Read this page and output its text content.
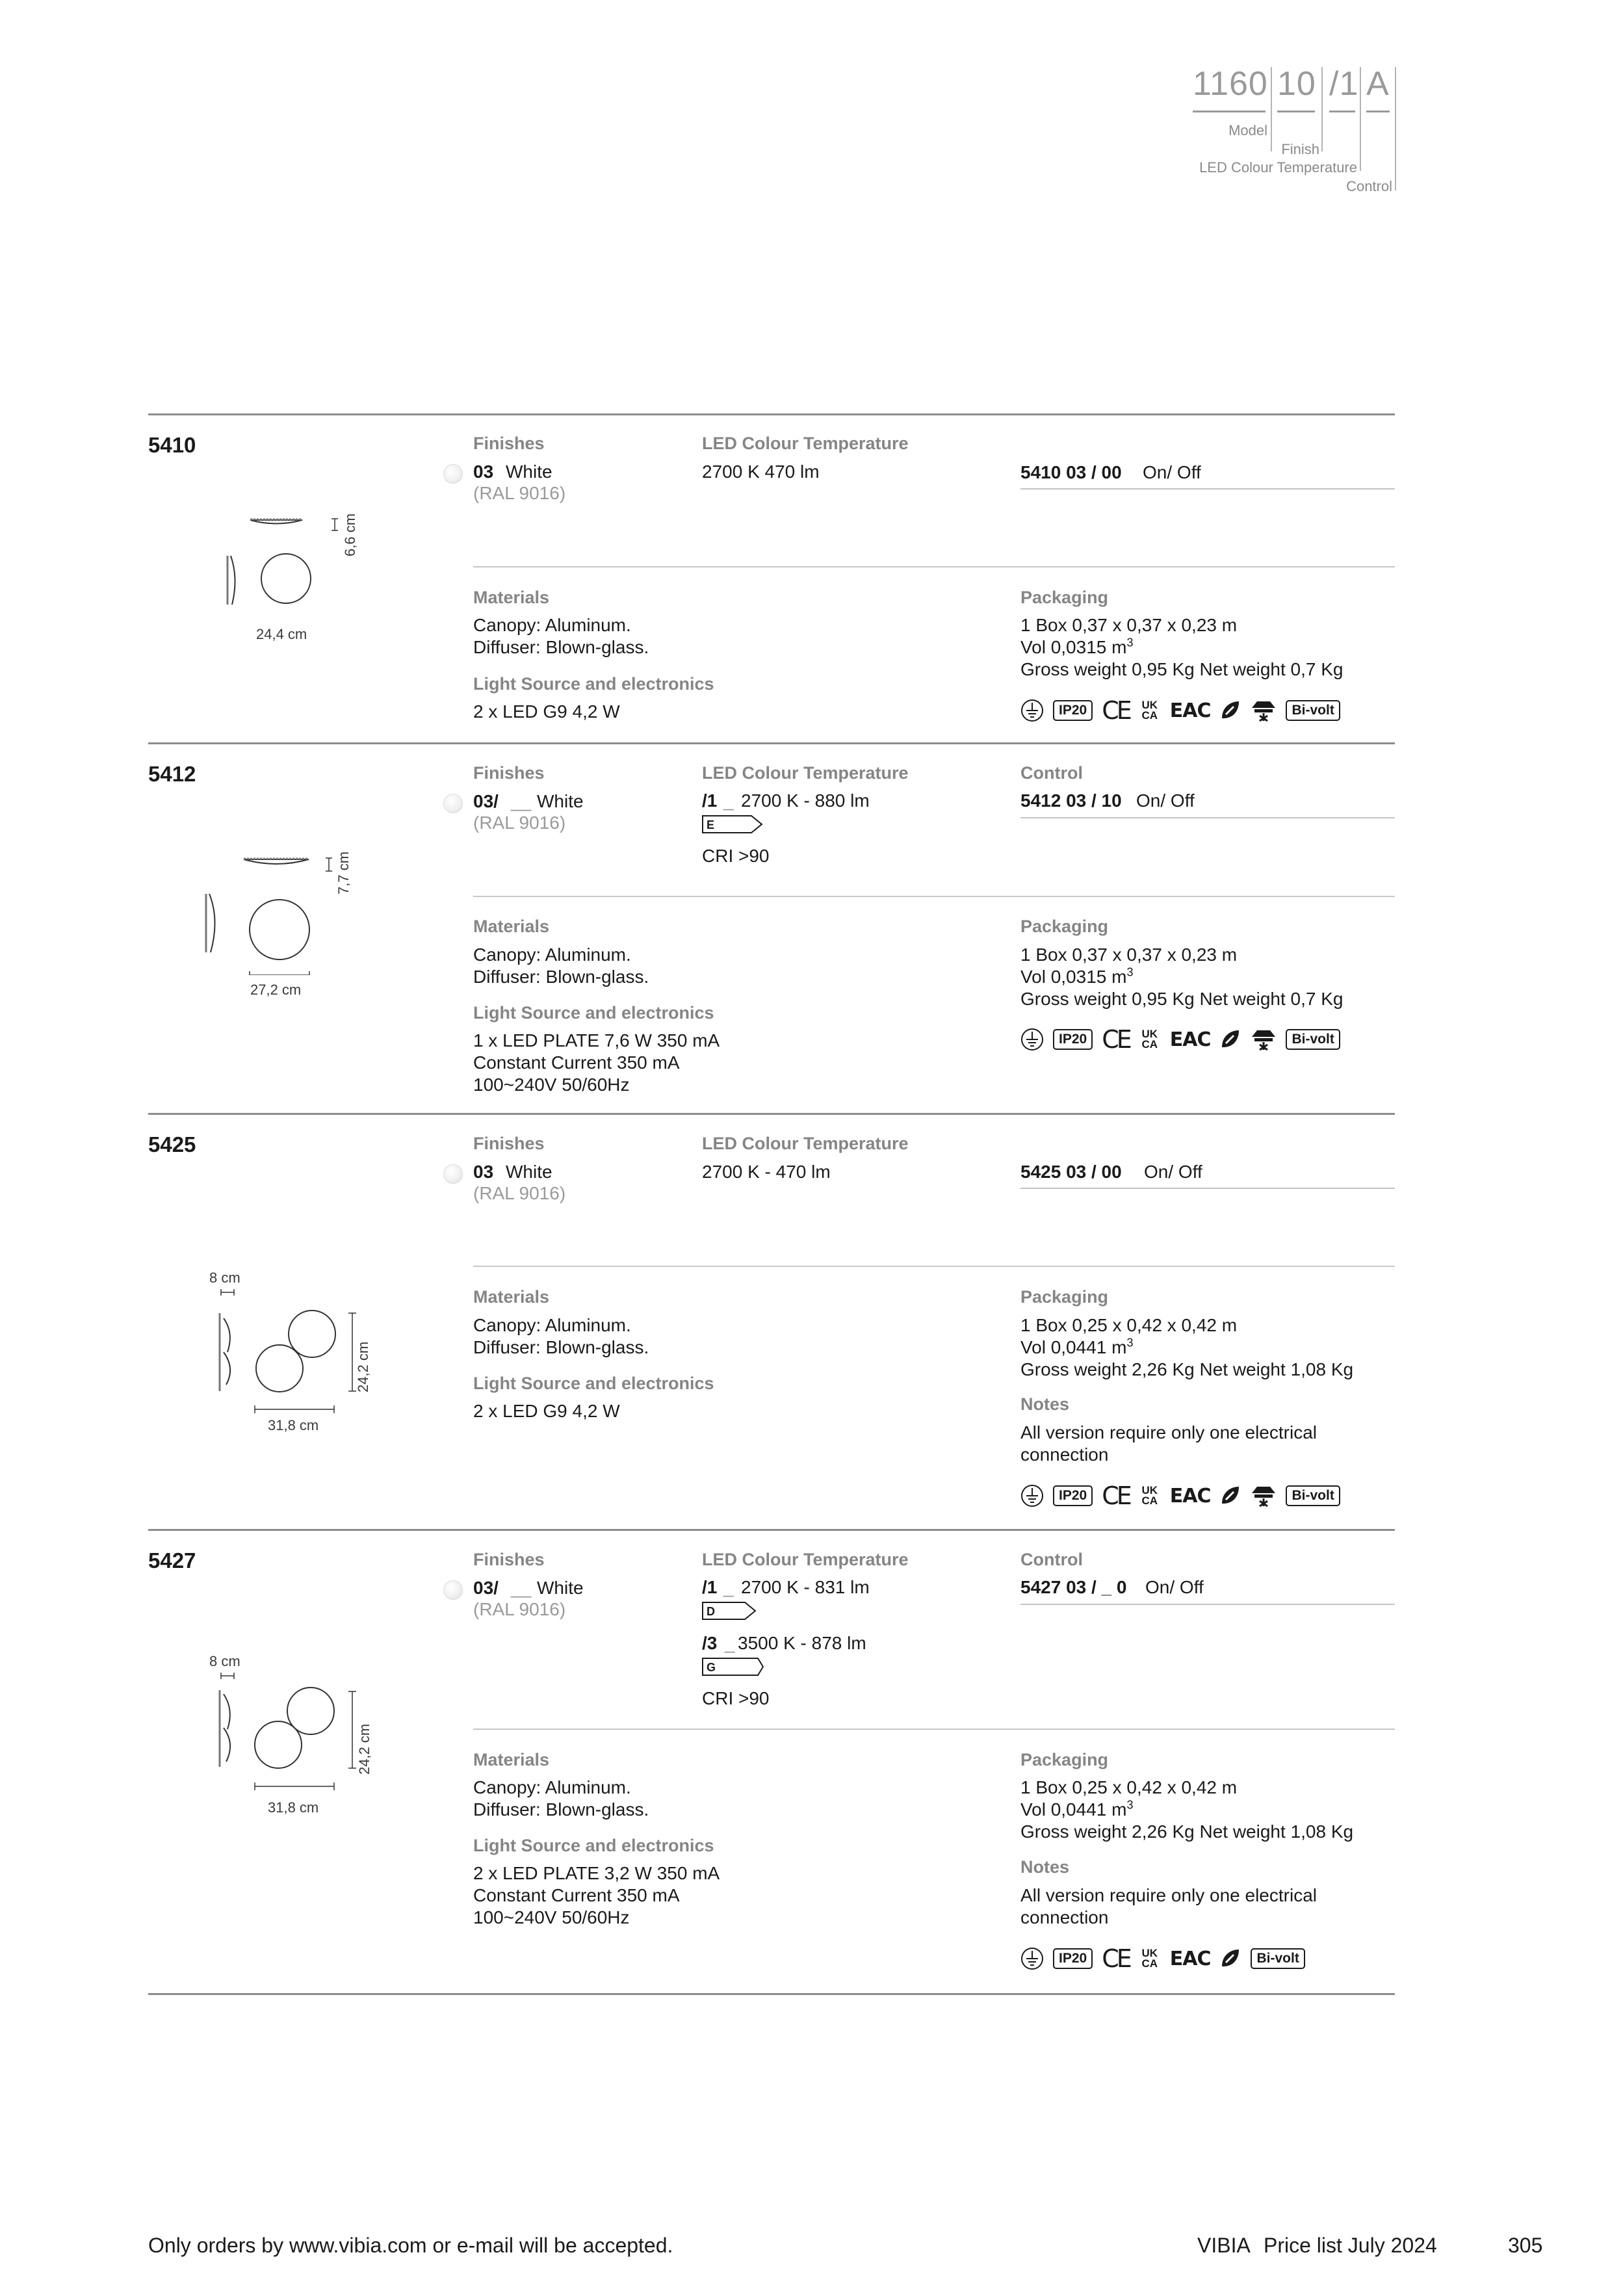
1160 10 /1 A
Model
Finish
LED Colour Temperature
Control
5410
6,6 cm
24,4 cm
Finishes
03 White
(RAL 9016)
LED Colour Temperature
2700 K 470 lm	5410 03 / 00 On/ Off
Materials
Canopy: Aluminum.
Diffuser: Blown-glass.
Light Source and electronics
2 x LED G9 4,2 W
Packaging
1 Box 0,37 x 0,37 x 0,23 m
Vol 0,0315 $m^3$
Gross weight 0,95 Kg Net weight 0,7 Kg
IP20 CE UK
CA EAC	Bi-volt
5412
7,7 cm
27,2 cm
Finishes
03/ __ White
(RAL 9016)
LED Colour Temperature
/1 _ 2700 K - 880 lm
E
CRI >90
Control
5412 03 / 10 On/ Off
Materials
Canopy: Aluminum.
Diffuser: Blown-glass.
Light Source and electronics
1 x LED PLATE 7,6 W 350 mA
Constant Current 350 mA
100~240V 50/60Hz
Packaging
1 Box 0,37 x 0,37 x 0,23 m
Vol 0,0315 $m^3$
Gross weight 0,95 Kg Net weight 0,7 Kg
IP20 CE UK
CA EAC	Bi-volt
5425
8 cm
24,2 cm
31,8 cm
Finishes
03 White
(RAL 9016)
LED Colour Temperature
2700 K - 470 lm	5425 03 / 00 On/ Off
Materials
Canopy: Aluminum.
Diffuser: Blown-glass.
Light Source and electronics
2 x LED G9 4,2 W
Packaging
1 Box 0,25 x 0,42 x 0,42 m
Vol 0,0441 $m^3$
Gross weight 2,26 Kg Net weight 1,08 Kg
Notes
All version require only one electrical
connection
IP20 CE UK
CA EAC	Bi-volt
5427
8 cm
24,2 cm
31,8 cm
Finishes
03/ __ White
(RAL 9016)
LED Colour Temperature
/1 _ 2700 K - 831 lm
D
/3 _ 3500 K - 878 lm
G
CRI >90
Control
5427 03 / _ 0 On/ Off
Materials
Canopy: Aluminum.
Diffuser: Blown-glass.
Light Source and electronics
2 x LED PLATE 3,2 W 350 mA
Constant Current 350 mA
100~240V 50/60Hz
Packaging
1 Box 0,25 x 0,42 x 0,42 m
Vol 0,0441 $m^3$
Gross weight 2,26 Kg Net weight 1,08 Kg
Notes
All version require only one electrical
connection
IP20 CE UK
CA EAC	Bi-volt
Only orders by www.vibia.com or e-mail will be accepted.	VIBIA Price list July 2024	305
